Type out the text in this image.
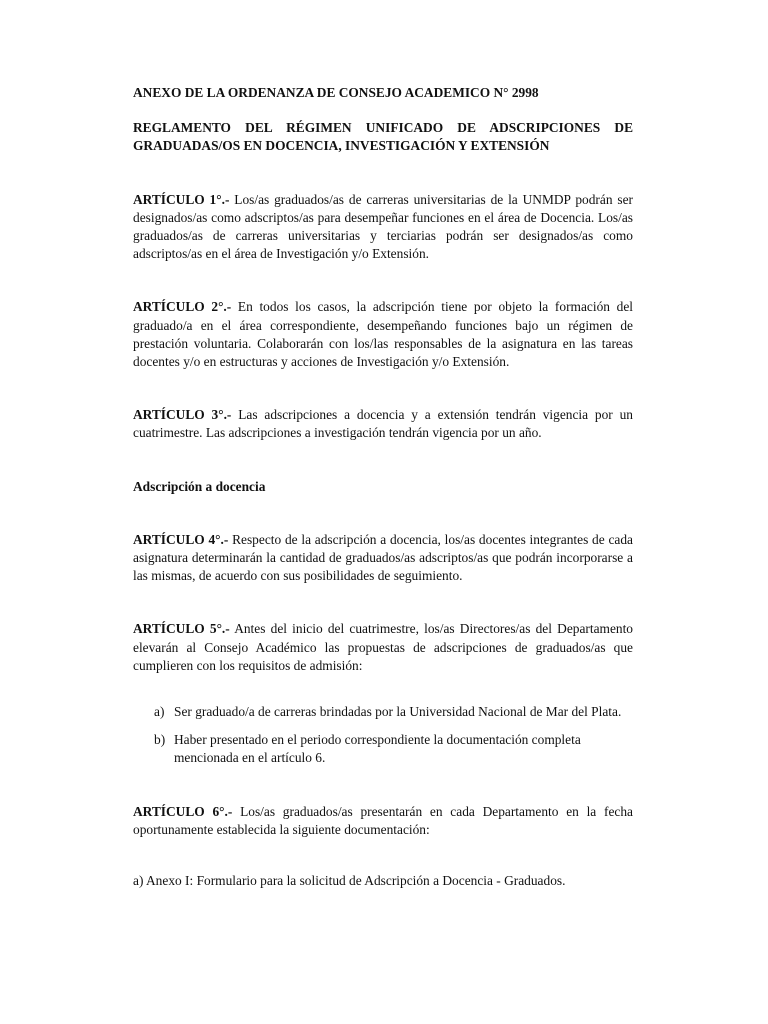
ANEXO DE LA ORDENANZA DE CONSEJO ACADEMICO N° 2998

REGLAMENTO DEL RÉGIMEN UNIFICADO DE ADSCRIPCIONES DE GRADUADAS/OS EN DOCENCIA, INVESTIGACIÓN Y EXTENSIÓN

ARTÍCULO 1°.- Los/as graduados/as de carreras universitarias de la UNMDP podrán ser designados/as como adscriptos/as para desempeñar funciones en el área de Docencia. Los/as graduados/as de carreras universitarias y terciarias podrán ser designados/as como adscriptos/as en el área de Investigación y/o Extensión.

ARTÍCULO 2°.- En todos los casos, la adscripción tiene por objeto la formación del graduado/a en el área correspondiente, desempeñando funciones bajo un régimen de prestación voluntaria. Colaborarán con los/las responsables de la asignatura en las tareas docentes y/o en estructuras y acciones de Investigación y/o Extensión.

ARTÍCULO 3°.- Las adscripciones a docencia y a extensión tendrán vigencia por un cuatrimestre. Las adscripciones a investigación tendrán vigencia por un año.

Adscripción a docencia

ARTÍCULO 4°.- Respecto de la adscripción a docencia, los/as docentes integrantes de cada asignatura determinarán la cantidad de graduados/as adscriptos/as que podrán incorporarse a las mismas, de acuerdo con sus posibilidades de seguimiento.

ARTÍCULO 5°.- Antes del inicio del cuatrimestre, los/as Directores/as del Departamento elevarán al Consejo Académico las propuestas de adscripciones de graduados/as que cumplieren con los requisitos de admisión:

a) Ser graduado/a de carreras brindadas por la Universidad Nacional de Mar del Plata.
b) Haber presentado en el periodo correspondiente la documentación completa mencionada en el artículo 6.

ARTÍCULO 6°.- Los/as graduados/as presentarán en cada Departamento en la fecha oportunamente establecida la siguiente documentación:

a) Anexo I: Formulario para la solicitud de Adscripción a Docencia - Graduados.
